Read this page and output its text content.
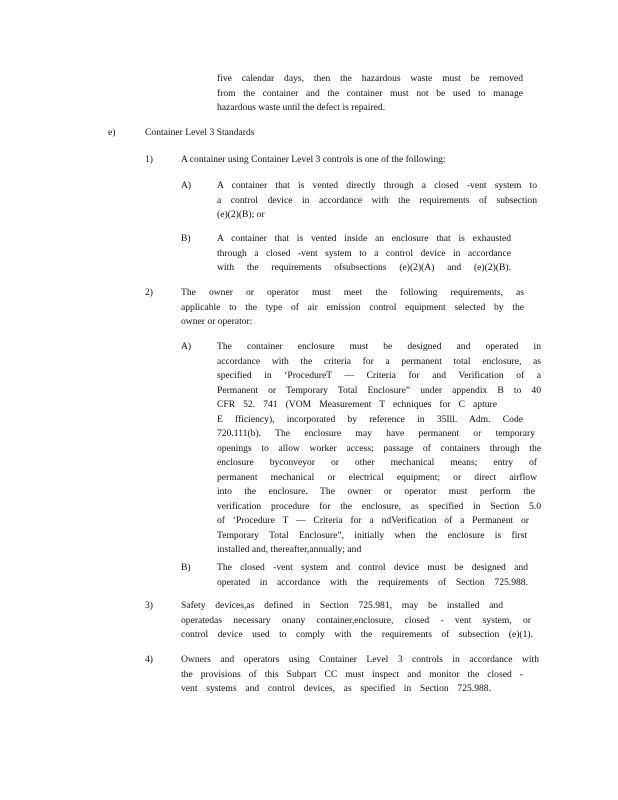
five calendar days, then the hazardous waste must be removed
from the container and the container must not be used to manage
hazardous waste until the defect is repaired.
e)	Container Level 3 Standards
1)	A container using Container Level 3 controls is one of the following:
A)	A container that is vented directly through a closed -vent system to
a control device in accordance with the requirements of subsection
(e)(2)(B); or
B)	A container that is vented inside an enclosure that is exhausted
through a closed -vent system to a control device in accordance
with the requirements ofsubsections (e)(2)(A) and (e)(2)(B).
2)	The owner or operator must meet the following requirements, as
applicable to the type of air emission control equipment selected by the
owner or operator:
A)	The container enclosure must be designed and operated in
accordance with the criteria for a permanent total enclosure, as
specified in ‘ProcedureT — Criteria for and Verification of a
Permanent or Temporary Total Enclosure” under appendix B to 40
CFR 52. 741 (VOM Measurement T echniques for C apture
E fficiency), incorporated by reference in 35Ill. Adm. Code
720.111(b). The enclosure may have permanent or temporary
openings to allow worker access; passage of containers through the
enclosure byconveyor or other mechanical means; entry of
permanent mechanical or electrical equipment; or direct airflow
into the enclosure. The owner or operator must perform the
verification procedure for the enclosure, as specified in Section 5.0
of ‘Procedure T — Criteria for a ndVerification of a Permanent or
Temporary Total Enclosure”, initially when the enclosure is first
installed and, thereafter,annually; and
B)	The closed -vent system and control device must be designed and
operated in accordance with the requirements of Section 725.988.
3)	Safety devices,as defined in Section 725.981, may be installed and
operatedas necessary onany container,enclosure, closed - vent system, or
control device used to comply with the requirements of subsection (e)(1).
4)	Owners and operators using Container Level 3 controls in accordance with
the provisions of this Subpart CC must inspect and monitor the closed -
vent systems and control devices, as specified in Section 725.988.
